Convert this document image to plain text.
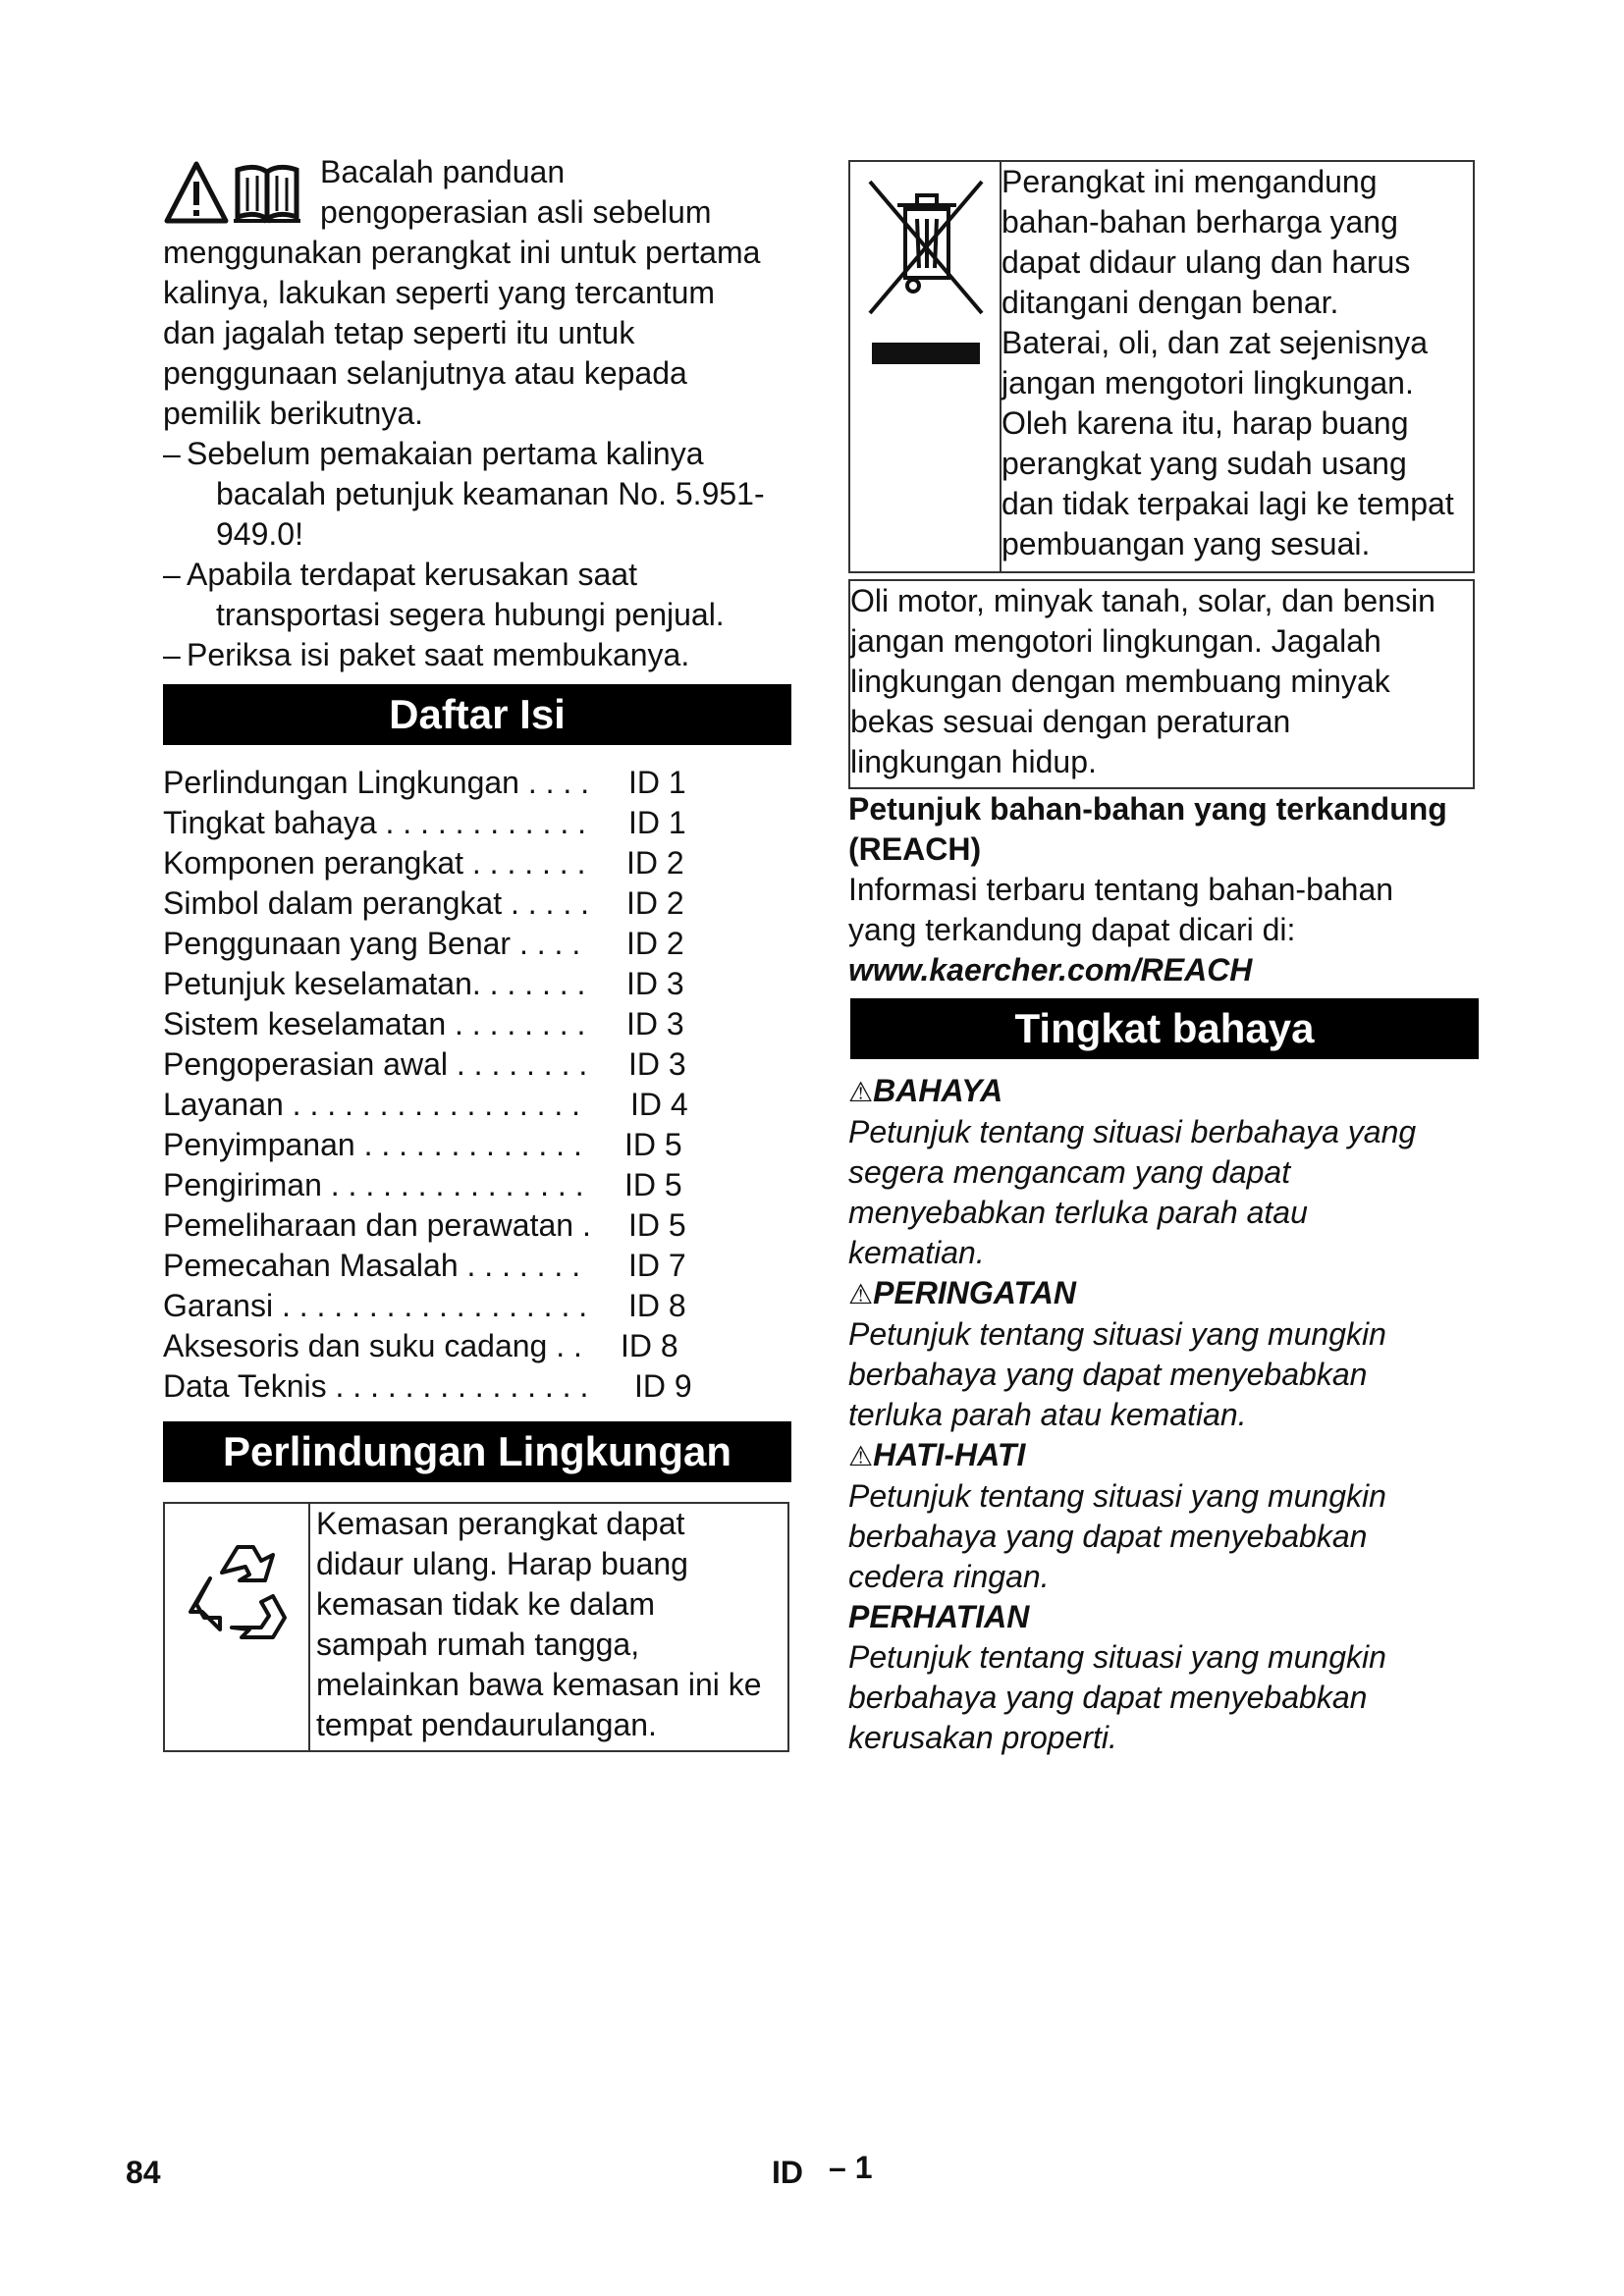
Bacalah panduan
pengoperasian asli sebelum
menggunakan perangkat ini untuk pertama
kalinya, lakukan seperti yang tercantum
dan jagalah tetap seperti itu untuk
penggunaan selanjutnya atau kepada
pemilik berikutnya.
– Sebelum pemakaian pertama kalinya
bacalah petunjuk keamanan No. 5.951-
949.0!
– Apabila terdapat kerusakan saat
transportasi segera hubungi penjual.
– Periksa isi paket saat membukanya.
Daftar Isi
Perlindungan Lingkungan . . . . ID 1
Tingkat bahaya . . . . . . . . . . . . ID 1
Komponen perangkat . . . . . . . ID 2
Simbol dalam perangkat . . . . . ID 2
Penggunaan yang Benar . . . . ID 2
Petunjuk keselamatan. . . . . . . ID 3
Sistem keselamatan . . . . . . . . ID 3
Pengoperasian awal . . . . . . . . ID 3
Layanan . . . . . . . . . . . . . . . . . ID 4
Penyimpanan . . . . . . . . . . . . . ID 5
Pengiriman . . . . . . . . . . . . . . . ID 5
Pemeliharaan dan perawatan . ID 5
Pemecahan Masalah . . . . . . . ID 7
Garansi . . . . . . . . . . . . . . . . . . ID 8
Aksesoris dan suku cadang . . ID 8
Data Teknis . . . . . . . . . . . . . . . ID 9
Perlindungan Lingkungan
Kemasan perangkat dapat
didaur ulang. Harap buang
kemasan tidak ke dalam
sampah rumah tangga,
melainkan bawa kemasan ini ke
tempat pendaurulangan.
Perangkat ini mengandung
bahan-bahan berharga yang
dapat didaur ulang dan harus
ditangani dengan benar.
Baterai, oli, dan zat sejenisnya
jangan mengotori lingkungan.
Oleh karena itu, harap buang
perangkat yang sudah usang
dan tidak terpakai lagi ke tempat
pembuangan yang sesuai.
Oli motor, minyak tanah, solar, dan bensin
jangan mengotori lingkungan. Jagalah
lingkungan dengan membuang minyak
bekas sesuai dengan peraturan
lingkungan hidup.
Petunjuk bahan-bahan yang terkandung
(REACH)
Informasi terbaru tentang bahan-bahan
yang terkandung dapat dicari di:
www.kaercher.com/REACH
Tingkat bahaya
⚠BAHAYA
Petunjuk tentang situasi berbahaya yang
segera mengancam yang dapat
menyebabkan terluka parah atau
kematian.
⚠PERINGATAN
Petunjuk tentang situasi yang mungkin
berbahaya yang dapat menyebabkan
terluka parah atau kematian.
⚠HATI-HATI
Petunjuk tentang situasi yang mungkin
berbahaya yang dapat menyebabkan
cedera ringan.
PERHATIAN
Petunjuk tentang situasi yang mungkin
berbahaya yang dapat menyebabkan
kerusakan properti.
84	ID – 1
